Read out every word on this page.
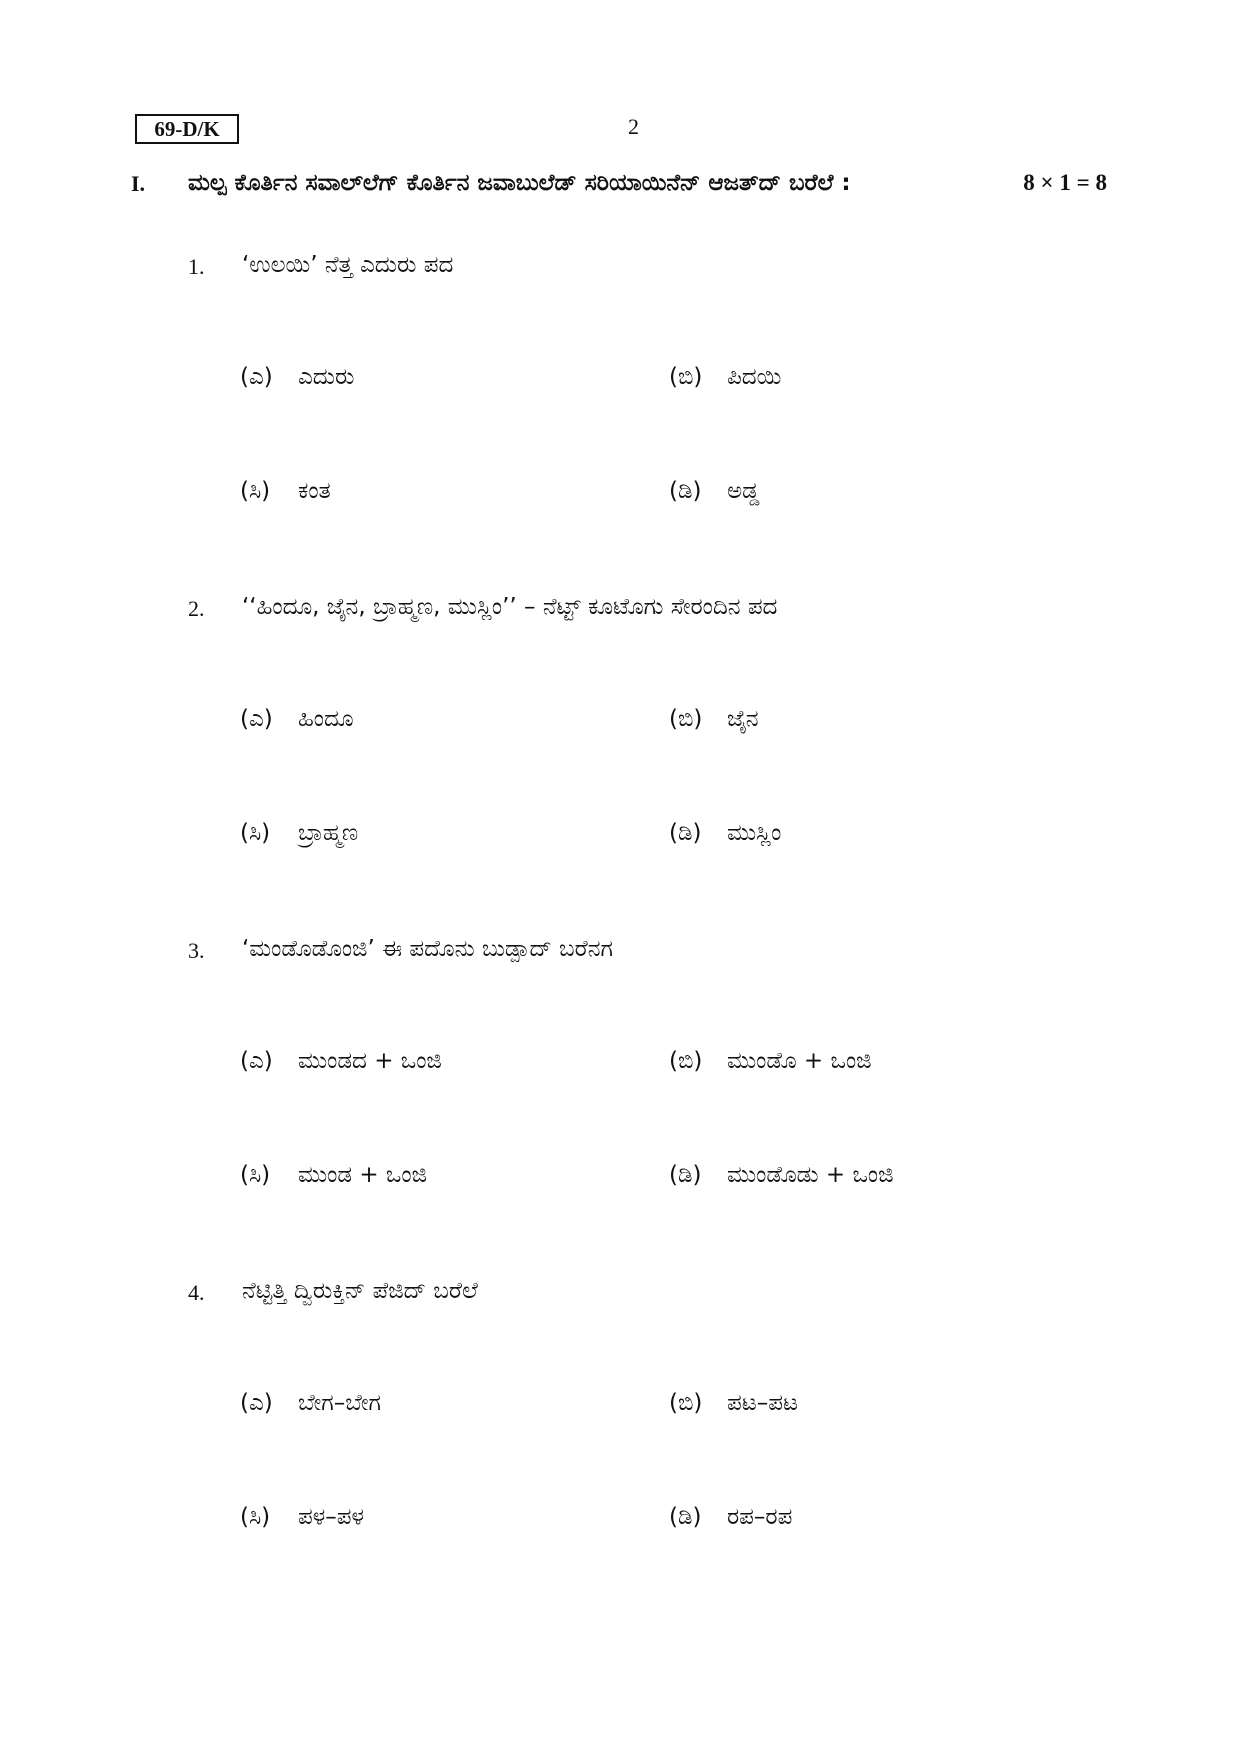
69-D/K	2
I. ಮಲ್ಪ ಕೊರ್ತಿನ ಸವಾಲ್‌ಲೆಗ್ ಕೊರ್ತಿನ ಜವಾಬುಲೆಡ್ ಸರಿಯಾಯಿನೆನ್ ಆಜತ್‌ದ್ ಬರೆಲೆ :	8 × 1 = 8
1. ‘ಉಲಯಿ’ ನೆತ್ತ ಎದುರು ಪದ
(ಎ) ಎದುರು	(ಬಿ) ಪಿದಯಿ
(ಸಿ) ಕಂತ	(ಡಿ) ಅಡ್ಡ
2. ‘‘ಹಿಂದೂ, ಜೈನ, ಬ್ರಾಹ್ಮಣ, ಮುಸ್ಲಿಂ’’ – ನೆಟ್ಟ್ ಕೂಟೊಗು ಸೇರಂದಿನ ಪದ
(ಎ) ಹಿಂದೂ	(ಬಿ) ಜೈನ
(ಸಿ) ಬ್ರಾಹ್ಮಣ	(ಡಿ) ಮುಸ್ಲಿಂ
3. ‘ಮಂಡೊಡೊಂಜಿ’ ಈ ಪದೊನು ಬುಡ್ಪಾದ್ ಬರೆನಗ
(ಎ) ಮುಂಡದ + ಒಂಜಿ	(ಬಿ) ಮುಂಡೊ + ಒಂಜಿ
(ಸಿ) ಮುಂಡ + ಒಂಜಿ	(ಡಿ) ಮುಂಡೊಡು + ಒಂಜಿ
4. ನೆಟ್ಟಿತ್ತಿ ದ್ವಿರುಕ್ತಿನ್ ಪೆಜಿದ್ ಬರೆಲೆ
(ಎ) ಬೇಗ–ಬೇಗ	(ಬಿ) ಪಟ–ಪಟ
(ಸಿ) ಪಳ–ಪಳ	(ಡಿ) ರಪ–ರಪ
